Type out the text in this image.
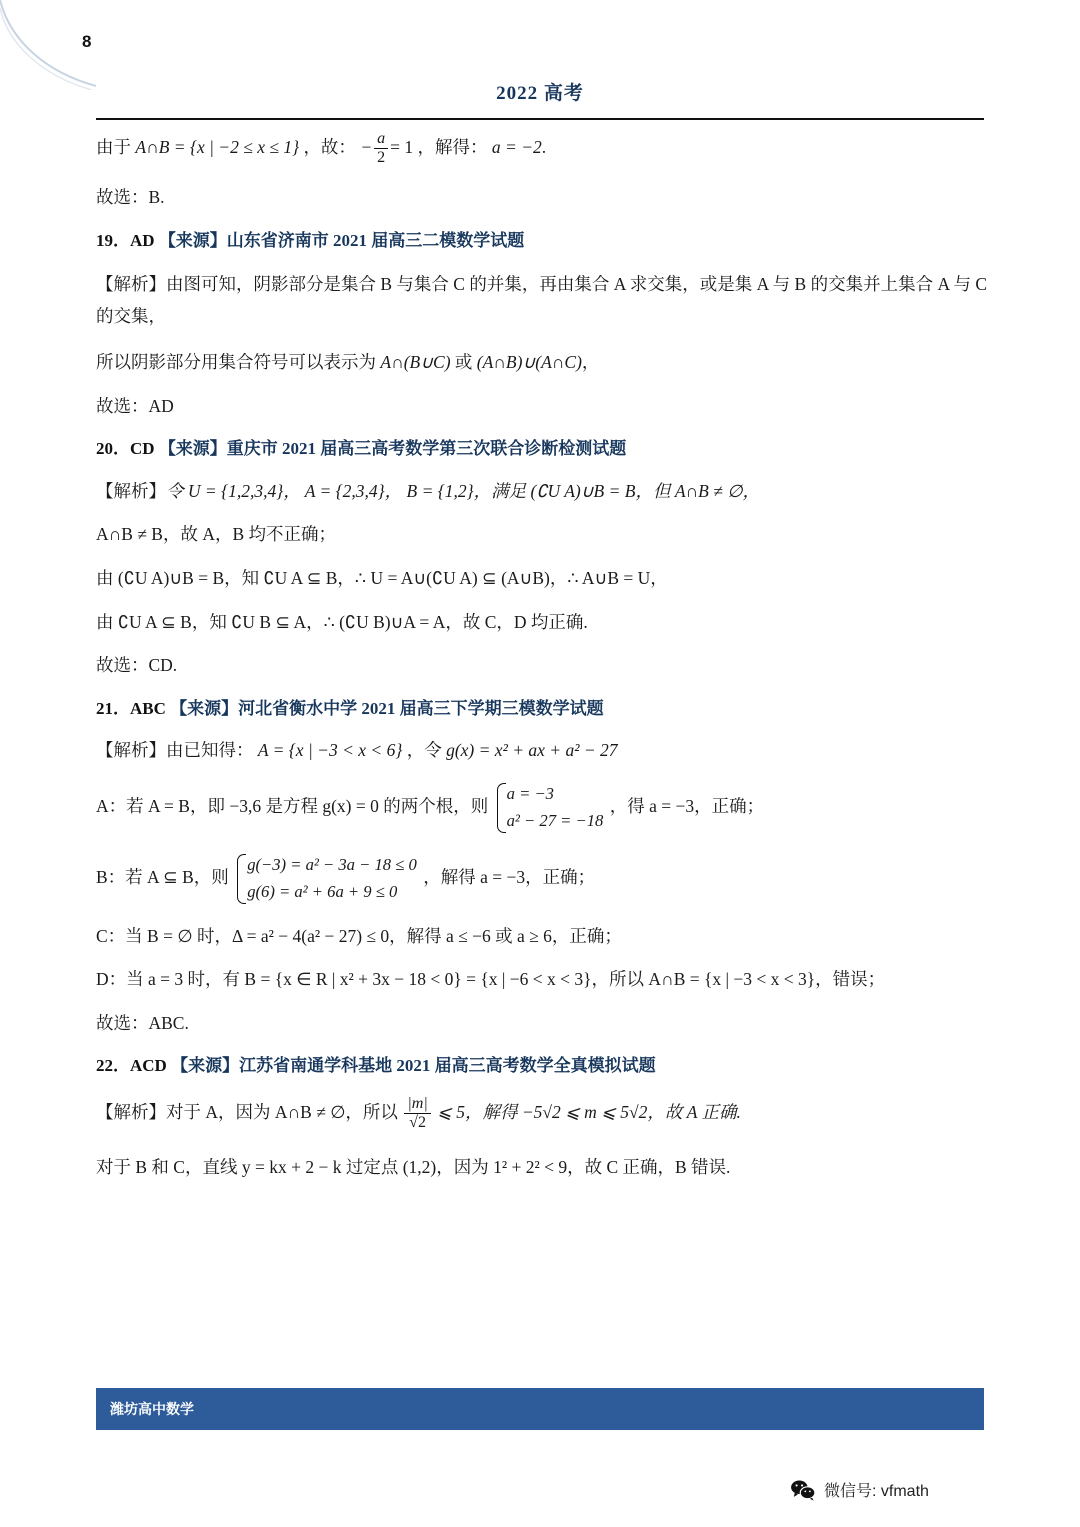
8
2022 高考

由于 A∩B = {x | −2 ≤ x ≤ 1} ，故： − $\frac{a}{2} = 1$ ，解得： a = −2.

故选：B.

19．AD 【来源】山东省济南市 2021 届高三二模数学试题

【解析】由图可知，阴影部分是集合 B 与集合 C 的并集，再由集合 A 求交集，或是集 A 与 B 的交集并上集合 A 与 C 的交集，

所以阴影部分用集合符号可以表示为 A∩(B∪C) 或 (A∩B)∪(A∩C)，

故选：AD

20．CD 【来源】重庆市 2021 届高三高考数学第三次联合诊断检测试题

【解析】令 U = {1,2,3,4}， A = {2,3,4}， B = {1,2}，满足 (∁U A)∪B = B，但 A∩B ≠ ∅，

A∩B ≠ B，故 A，B 均不正确；

由 (∁U A)∪B = B，知 ∁U A ⊆ B，∴ U = A∪(∁U A) ⊆ (A∪B)，∴ A∪B = U，

由 ∁U A ⊆ B，知 ∁U B ⊆ A，∴ (∁U B)∪A = A，故 C，D 均正确.

故选：CD.

21．ABC 【来源】河北省衡水中学 2021 届高三下学期三模数学试题

【解析】由已知得： A = {x | −3 < x < 6} ，令 g(x) = x² + ax + a² − 27

A：若 A = B，即 −3,6 是方程 g(x) = 0 的两个根，则
a = −3
a² − 27 = −18
，得 a = −3，正确；

B：若 A ⊆ B，则
g(−3) = a² − 3a − 18 ≤ 0
g(6) = a² + 6a + 9 ≤ 0
，解得 a = −3，正确；

C：当 B = ∅ 时，Δ = a² − 4(a² − 27) ≤ 0，解得 a ≤ −6 或 a ≥ 6，正确；

D：当 a = 3 时，有 B = {x ∈ R | x² + 3x − 18 < 0} = {x | −6 < x < 3}，所以 A∩B = {x | −3 < x < 3}，错误；

故选：ABC.

22．ACD 【来源】江苏省南通学科基地 2021 届高三高考数学全真模拟试题

【解析】对于 A，因为 A∩B ≠ ∅，所以 $\frac{|m|}{√2}$ ⩽ 5，解得 −5√2 ⩽ m ⩽ 5√2，故 A 正确.

对于 B 和 C，直线 y = kx + 2 − k 过定点 (1,2)，因为 1² + 2² < 9，故 C 正确，B 错误.

潍坊高中数学
微信号: vfmath
